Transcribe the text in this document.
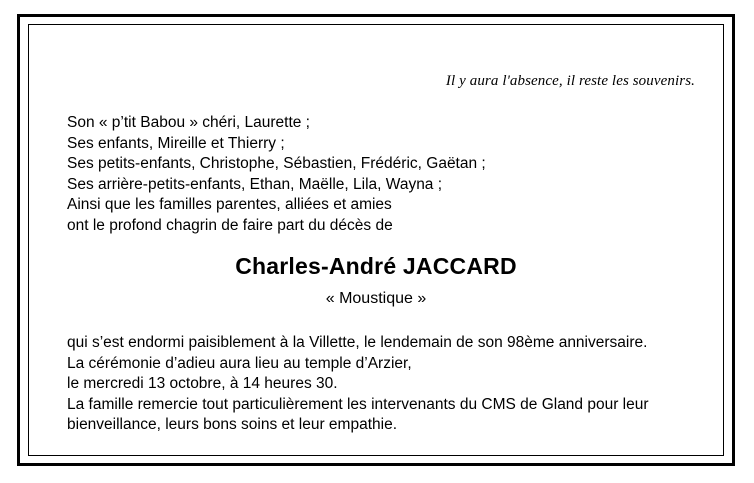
Il y aura l'absence, il reste les souvenirs.
Son « p’tit Babou » chéri, Laurette ;
Ses enfants, Mireille et Thierry ;
Ses petits-enfants, Christophe, Sébastien, Frédéric, Gaëtan ;
Ses arrière-petits-enfants, Ethan, Maëlle, Lila, Wayna ;
Ainsi que les familles parentes, alliées et amies
ont le profond chagrin de faire part du décès de
Charles-André JACCARD
« Moustique »
qui s’est endormi paisiblement à la Villette, le lendemain de son 98ème anniversaire.
La cérémonie d’adieu aura lieu au temple d’Arzier,
le mercredi 13 octobre, à 14 heures 30.
La famille remercie tout particulièrement les intervenants du CMS de Gland pour leur bienveillance, leurs bons soins et leur empathie.
